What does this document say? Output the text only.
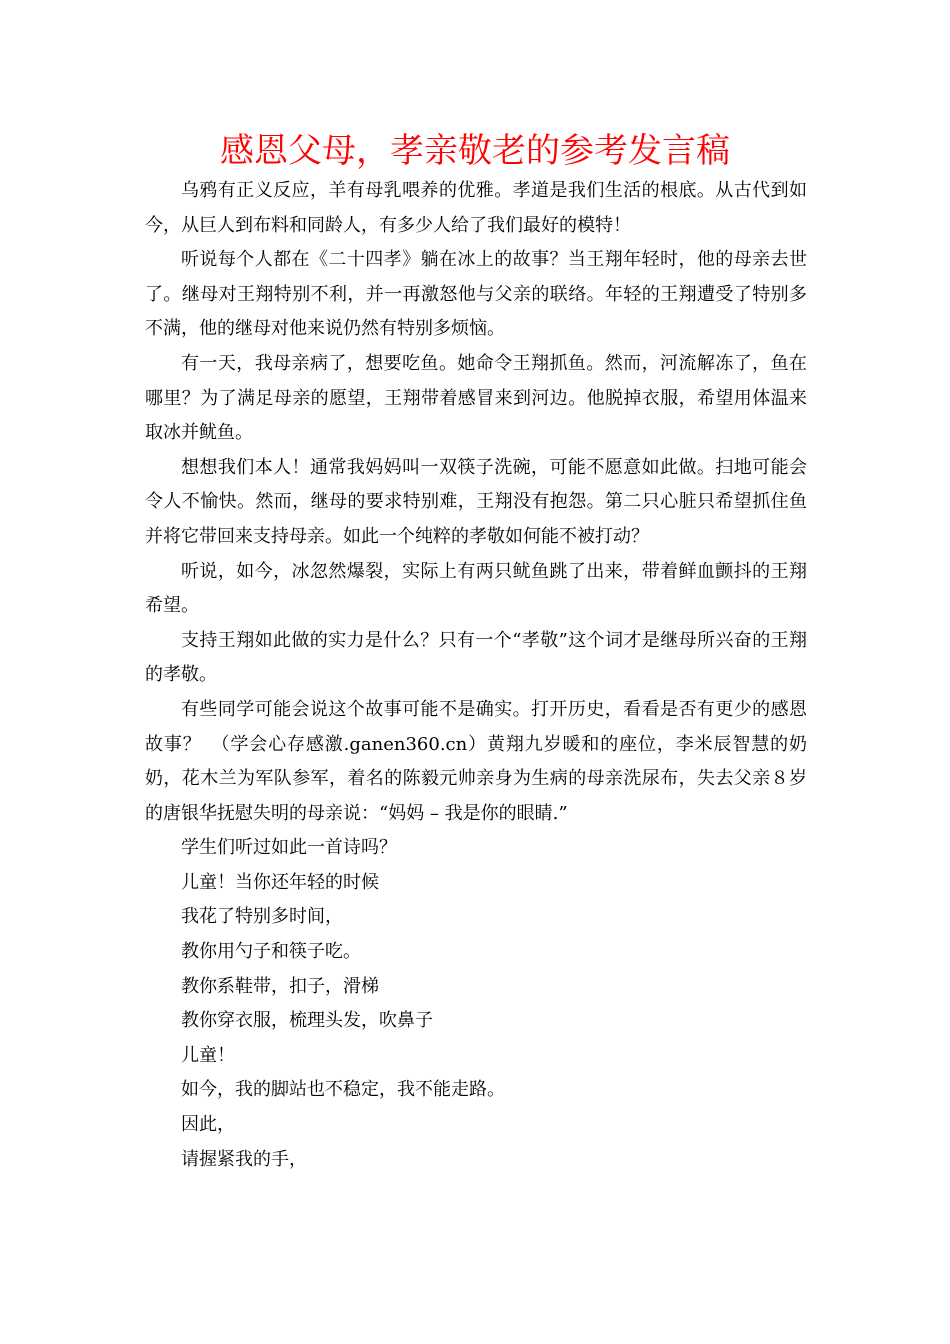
感恩父母，孝亲敬老的参考发言稿

乌鸦有正义反应，羊有母乳喂养的优雅。孝道是我们生活的根底。从古代到如今，从巨人到布料和同龄人，有多少人给了我们最好的模特！

听说每个人都在《二十四孝》躺在冰上的故事？当王翔年轻时，他的母亲去世了。继母对王翔特别不利，并一再激怒他与父亲的联络。年轻的王翔遭受了特别多不满，他的继母对他来说仍然有特别多烦恼。

有一天，我母亲病了，想要吃鱼。她命令王翔抓鱼。然而，河流解冻了，鱼在哪里？为了满足母亲的愿望，王翔带着感冒来到河边。他脱掉衣服，希望用体温来取冰并鱿鱼。

想想我们本人！通常我妈妈叫一双筷子洗碗，可能不愿意如此做。扫地可能会令人不愉快。然而，继母的要求特别难，王翔没有抱怨。第二只心脏只希望抓住鱼并将它带回来支持母亲。如此一个纯粹的孝敬如何能不被打动？

听说，如今，冰忽然爆裂，实际上有两只鱿鱼跳了出来，带着鲜血颤抖的王翔希望。

支持王翔如此做的实力是什么？只有一个“孝敬”这个词才是继母所兴奋的王翔的孝敬。

有些同学可能会说这个故事可能不是确实。打开历史，看看是否有更少的感恩故事？　（学会心存感激.ganen360.cn）黄翔九岁暖和的座位，李米辰智慧的奶奶，花木兰为军队参军，着名的陈毅元帅亲身为生病的母亲洗尿布，失去父亲８岁的唐银华抚慰失明的母亲说：“妈妈 – 我是你的眼睛.”

学生们听过如此一首诗吗？

儿童！当你还年轻的时候

我花了特别多时间，

教你用勺子和筷子吃。

教你系鞋带，扣子，滑梯

教你穿衣服，梳理头发，吹鼻子

儿童！

如今，我的脚站也不稳定，我不能走路。

因此，

请握紧我的手，
